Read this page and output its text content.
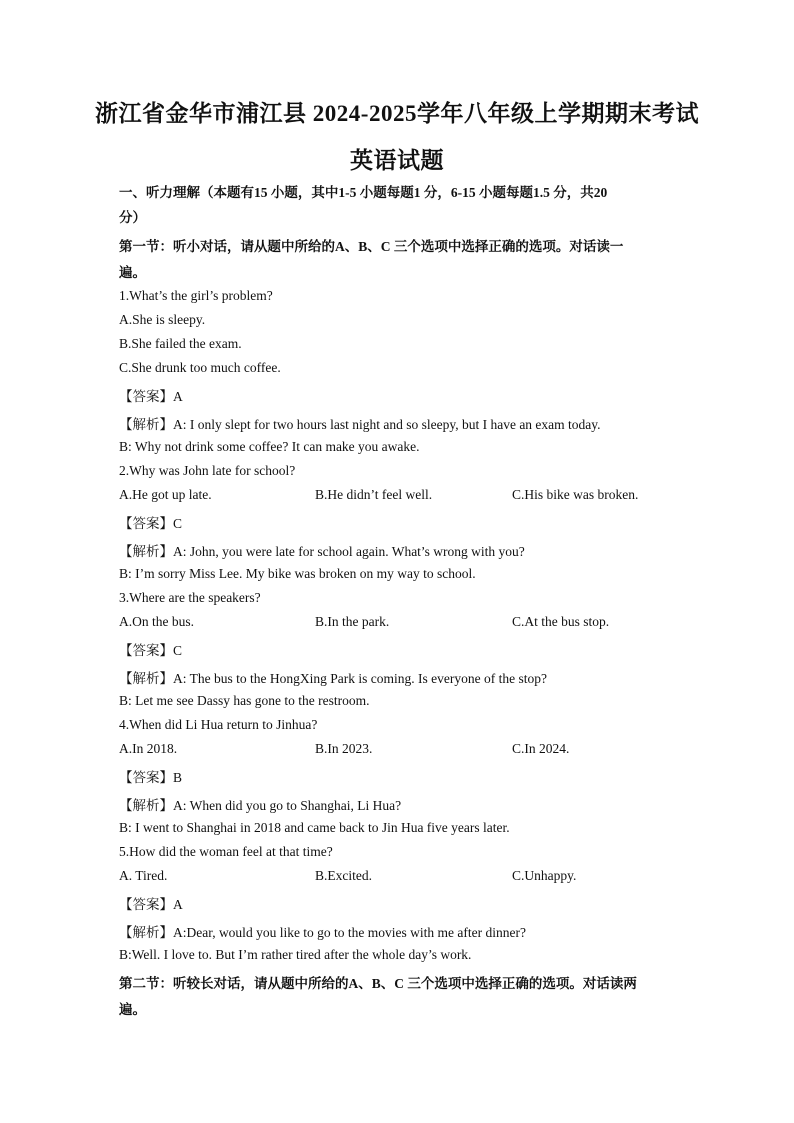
浙江省金华市浦江县 2024-2025学年八年级上学期期末考试
英语试题
一、听力理解（本题有15 小题，其中1-5 小题每题1 分，6-15 小题每题1.5 分，共20
分）
第一节：听小对话，请从题中所给的A、B、C 三个选项中选择正确的选项。对话读一
遍。
1.What’s the girl’s problem?
A.She is sleepy.
B.She failed the exam.
C.She drunk too much coffee.
【答案】A
【解析】A: I only slept for two hours last night and so sleepy, but I have an exam today.
B: Why not drink some coffee? It can make you awake.
2.Why was John late for school?
A.He got up late.	B.He didn’t feel well.	C.His bike was broken.
【答案】C
【解析】A: John, you were late for school again. What’s wrong with you?
B: I’m sorry Miss Lee. My bike was broken on my way to school.
3.Where are the speakers?
A.On the bus.	B.In the park.	C.At the bus stop.
【答案】C
【解析】A: The bus to the HongXing Park is coming. Is everyone of the stop?
B: Let me see Dassy has gone to the restroom.
4.When did Li Hua return to Jinhua?
A.In 2018.	B.In 2023.	C.In 2024.
【答案】B
【解析】A: When did you go to Shanghai, Li Hua?
B: I went to Shanghai in 2018 and came back to Jin Hua five years later.
5.How did the woman feel at that time?
A. Tired.	B.Excited.	C.Unhappy.
【答案】A
【解析】A:Dear, would you like to go to the movies with me after dinner?
B:Well. I love to. But I’m rather tired after the whole day’s work.
第二节：听较长对话，请从题中所给的A、B、C 三个选项中选择正确的选项。对话读两
遍。
